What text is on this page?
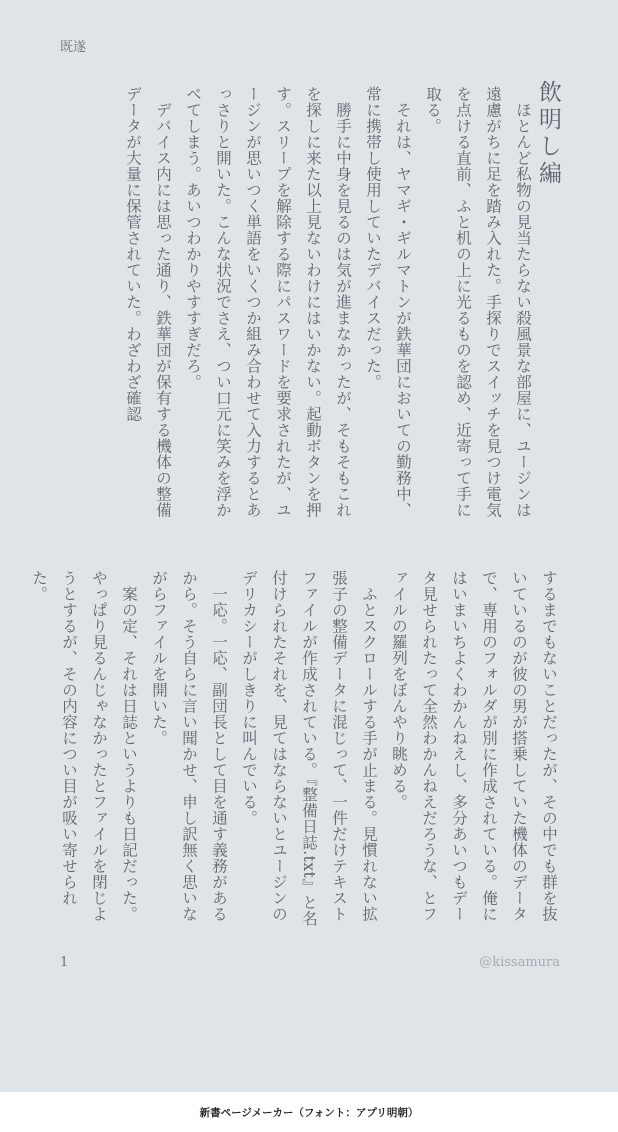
既遂
飲明し編

　ほとんど私物の見当たらない殺風景な部屋に、ユージンは遠慮がちに足を踏み入れた。手探りでスイッチを見つけ電気を点ける直前、ふと机の上に光るものを認め、近寄って手に取る。

　それは、ヤマギ・ギルマトンが鉄華団においての勤務中、常に携帯し使用していたデバイスだった。

　勝手に中身を見るのは気が進まなかったが、そもそもこれを探しに来た以上見ないわけにはいかない。起動ボタンを押す。スリープを解除する際にパスワードを要求されたが、ユージンが思いつく単語をいくつか組み合わせて入力するとあっさりと開いた。こんな状況でさえ、つい口元に笑みを浮かべてしまう。あいつわかりやすすぎだろ。

　デバイス内には思った通り、鉄華団が保有する機体の整備データが大量に保管されていた。わざわざ確認

するまでもないことだったが、その中でも群を抜いているのが彼の男が搭乗していた機体のデータで、専用のフォルダが別に作成されている。俺にはいまいちよくわかんねえし、多分あいつもデータ見せられたって全然わかんねえだろうな、とファイルの羅列をぼんやり眺める。

　ふとスクロールする手が止まる。見慣れない拡張子の整備データに混じって、一件だけテキストファイルが作成されている。『整備日誌.txt』と名付けられたそれを、見てはならないとユージンのデリカシーがしきりに叫んでいる。

　一応。一応、副団長として目を通す義務があるから。そう自らに言い聞かせ、申し訳無く思いながらファイルを開いた。

　案の定、それは日誌というよりも日記だった。やっぱり見るんじゃなかったとファイルを閉じようとするが、その内容につい目が吸い寄せられた。

1	@kissamura
新書ページメーカー（フォント：アプリ明朝）
